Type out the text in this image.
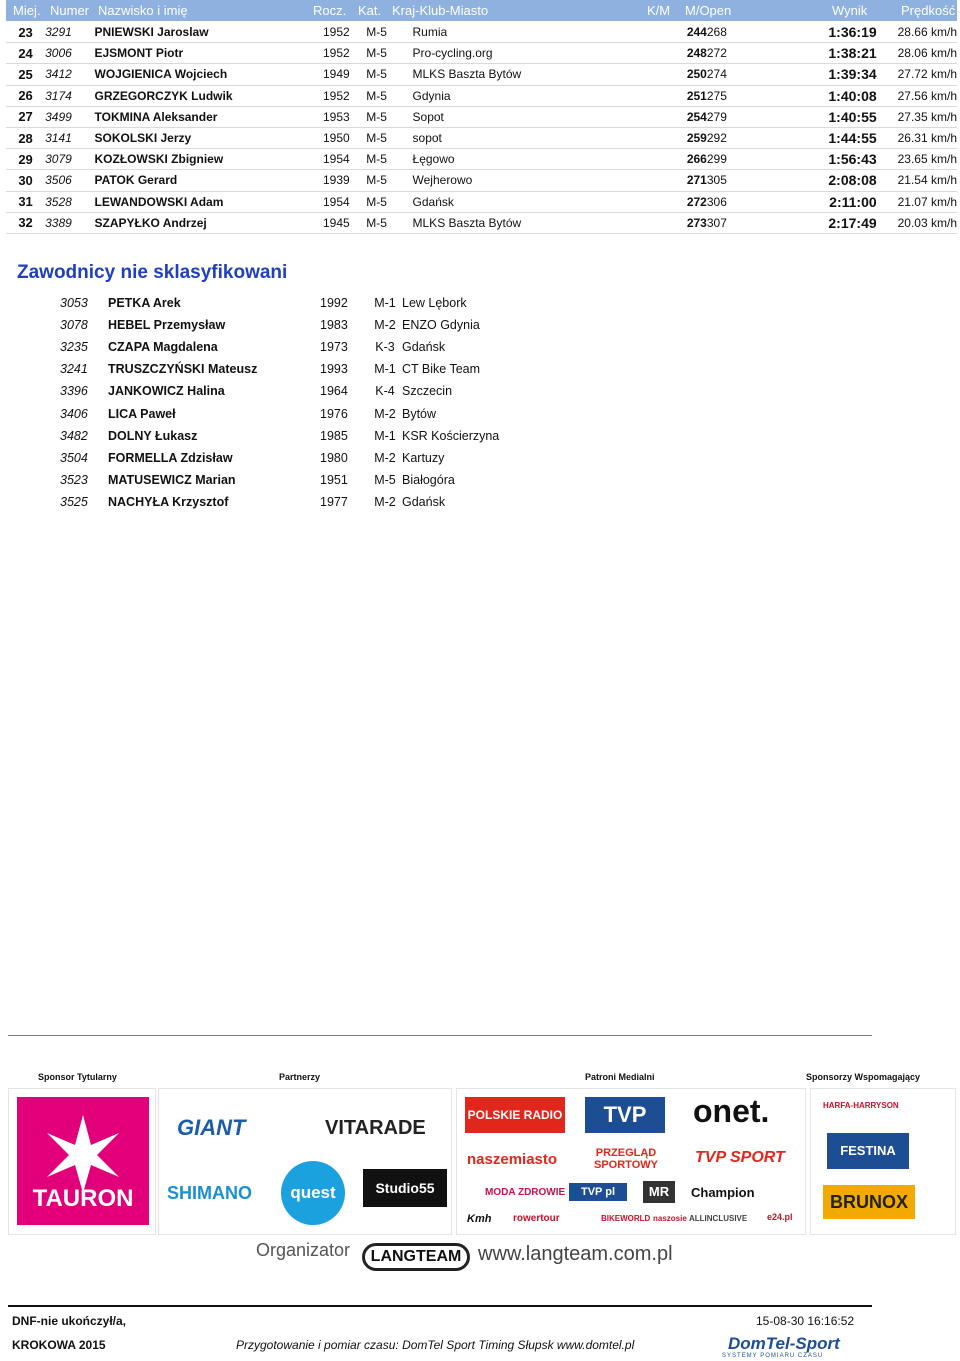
Miej. Numer Nazwisko i imię	Rocz. Kat. Kraj-Klub-Miasto	K/M M/Open	Wynik	Prędkość
23	3291	PNIEWSKI Jaroslaw	1952	M-5	Rumia	244	268	1:36:19	28.66 km/h
24	3006	EJSMONT Piotr	1952	M-5	Pro-cycling.org	248	272	1:38:21	28.06 km/h
25	3412	WOJGIENICA Wojciech	1949	M-5	MLKS Baszta Bytów	250	274	1:39:34	27.72 km/h
26	3174	GRZEGORCZYK Ludwik	1952	M-5	Gdynia	251	275	1:40:08	27.56 km/h
27	3499	TOKMINA Aleksander	1953	M-5	Sopot	254	279	1:40:55	27.35 km/h
28	3141	SOKOLSKI Jerzy	1950	M-5	sopot	259	292	1:44:55	26.31 km/h
29	3079	KOZŁOWSKI Zbigniew	1954	M-5	Łęgowo	266	299	1:56:43	23.65 km/h
30	3506	PATOK Gerard	1939	M-5	Wejherowo	271	305	2:08:08	21.54 km/h
31	3528	LEWANDOWSKI Adam	1954	M-5	Gdańsk	272	306	2:11:00	21.07 km/h
32	3389	SZAPYŁKO Andrzej	1945	M-5	MLKS Baszta Bytów	273	307	2:17:49	20.03 km/h
Zawodnicy nie sklasyfikowani
3053	PETKA Arek	1992	M-1	Lew Lębork
3078	HEBEL Przemysław	1983	M-2	ENZO Gdynia
3235	CZAPA Magdalena	1973	K-3	Gdańsk
3241	TRUSZCZYŃSKI Mateusz	1993	M-1	CT Bike Team
3396	JANKOWICZ Halina	1964	K-4	Szczecin
3406	LICA Paweł	1976	M-2	Bytów
3482	DOLNY Łukasz	1985	M-1	KSR Kościerzyna
3504	FORMELLA Zdzisław	1980	M-2	Kartuzy
3523	MATUSEWICZ Marian	1951	M-5	Białogóra
3525	NACHYŁA Krzysztof	1977	M-2	Gdańsk
Sponsor Tytularny	Partnerzy	Patroni Medialni	Sponsorzy Wspomagający
TAURON
GIANT	VITARADE
SHIMANO	quest	Studio55
POLSKIE RADIO	TVP	onet.
naszemiasto	PRZEGLĄD SPORTOWY	TVP SPORT
MODA ZDROWIE	TVP pl	MR	Champion
Kmh rowertour	BIKEWORLD naszosie ALLINCLUSIVE e24.pl
HARFA-HARRYSON
FESTINA
BRUNOX
Organizator	LANGTEAM www.langteam.com.pl
DNF-nie ukończył/a,
KROKOWA 2015	Przygotowanie i pomiar czasu: DomTel Sport Timing Słupsk www.domtel.pl
15-08-30 16:16:52
DomTel-Sport
SYSTEMY POMIARU CZASU
